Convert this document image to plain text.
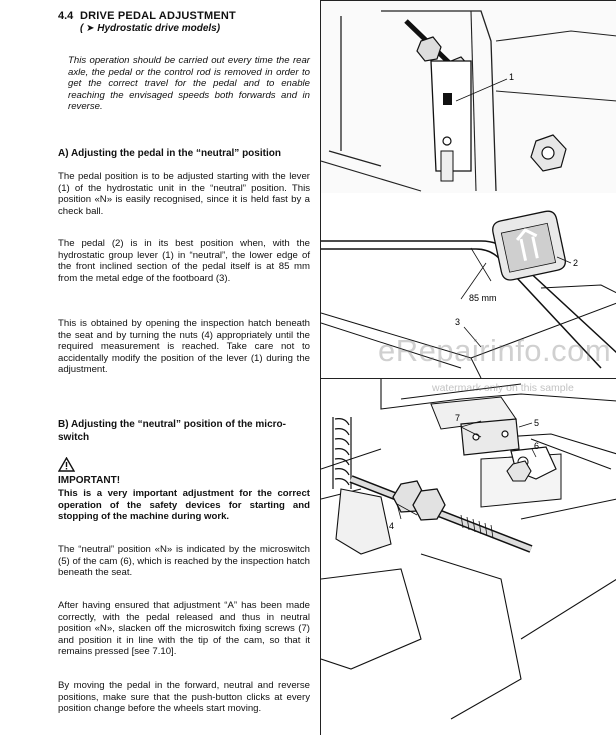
4.4 DRIVE PEDAL ADJUSTMENT
( ➤ Hydrostatic drive models)

This operation should be carried out every time the rear axle, the pedal or the control rod is removed in order to get the correct travel for the pedal and to enable reaching the envisaged speeds both forwards and in reverse.

A) Adjusting the pedal in the “neutral” position

The pedal position is to be adjusted starting with the lever (1) of the hydrostatic unit in the “neutral” position. This position «N» is easily recognised, since it is held fast by a check ball.

The pedal (2) is in its best position when, with the hydrostatic group lever (1) in “neutral”, the lower edge of the front inclined section of the pedal itself is at 85 mm from the metal edge of the footboard (3).

This is obtained by opening the inspection hatch beneath the seat and by turning the nuts (4) appropriately until the required measurement is reached. Take care not to accidentally modify the position of the lever (1) during the adjustment.

B) Adjusting the “neutral” position of the micro-switch
IMPORTANT!

This is a very important adjustment for the correct operation of the safety devices for starting and stopping of the machine during work.

The “neutral” position «N» is indicated by the microswitch (5) of the cam (6), which is reached by the inspection hatch beneath the seat.

After having ensured that adjustment “A” has been made correctly, with the pedal released and thus in neutral position «N», slacken off the microswitch fixing screws (7) and position it in line with the tip of the cam, so that it remains pressed [see 7.10].

By moving the pedal in the forward, neutral and reverse positions, make sure that the push-button clicks at every position change before the wheels start moving.

1
85 mm
2
3
7	5
6
4
eRepairinfo.com
watermark only on this sample
